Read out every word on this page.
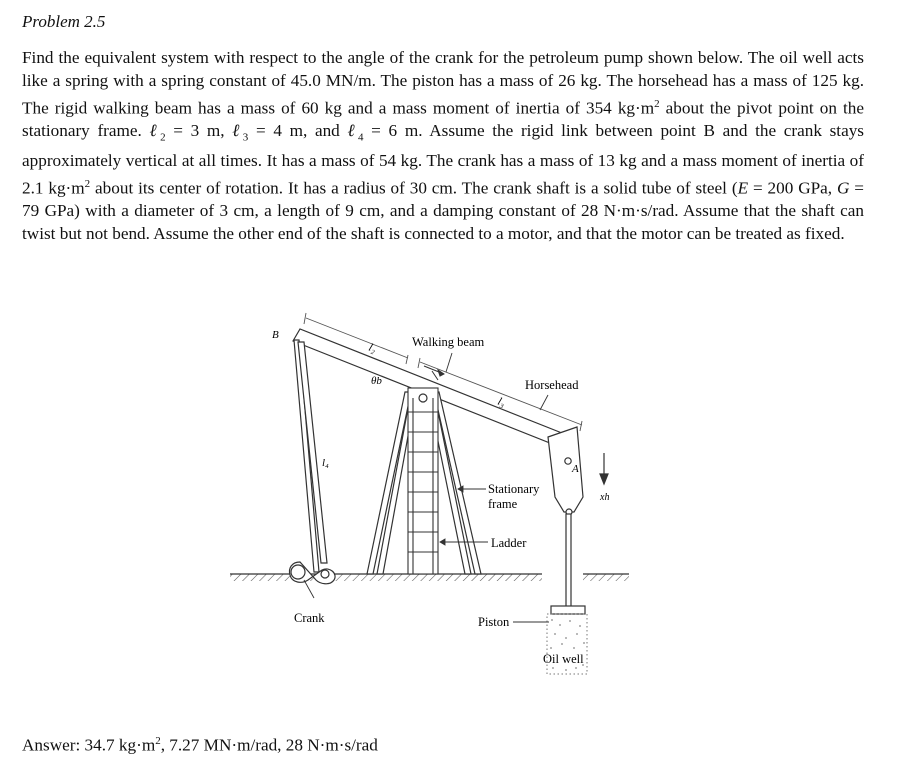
Problem 2.5
Find the equivalent system with respect to the angle of the crank for the petroleum pump shown below. The oil well acts like a spring with a spring constant of 45.0 MN/m. The piston has a mass of 26 kg. The horsehead has a mass of 125 kg. The rigid walking beam has a mass of 60 kg and a mass moment of inertia of 354 $kg\cdot m^2$ about the pivot point on the stationary frame. ℓ$_2$ = 3 m, ℓ$_3$ = 4 m, and ℓ$_4$ = 6 m. Assume the rigid link between point B and the crank stays approximately vertical at all times. It has a mass of 54 kg. The crank has a mass of 13 kg and a mass moment of inertia of 2.1 $kg\cdot m^2$ about its center of rotation. It has a radius of 30 cm. The crank shaft is a solid tube of steel (E = 200 GPa, G = 79 GPa) with a diameter of 3 cm, a length of 9 cm, and a damping constant of 28 N·m·s/rad. Assume that the shaft can twist but not bend. Assume the other end of the shaft is connected to a motor, and that the motor can be treated as fixed.
B
l₂
θb
Walking beam
l₃
Horsehead
A
xh
l₄
Stationary
frame
Ladder
Crank	Piston
Oil well
Answer: 34.7 $kg\cdot m^2$, 7.27 MN·m/rad, 28 N·m·s/rad
